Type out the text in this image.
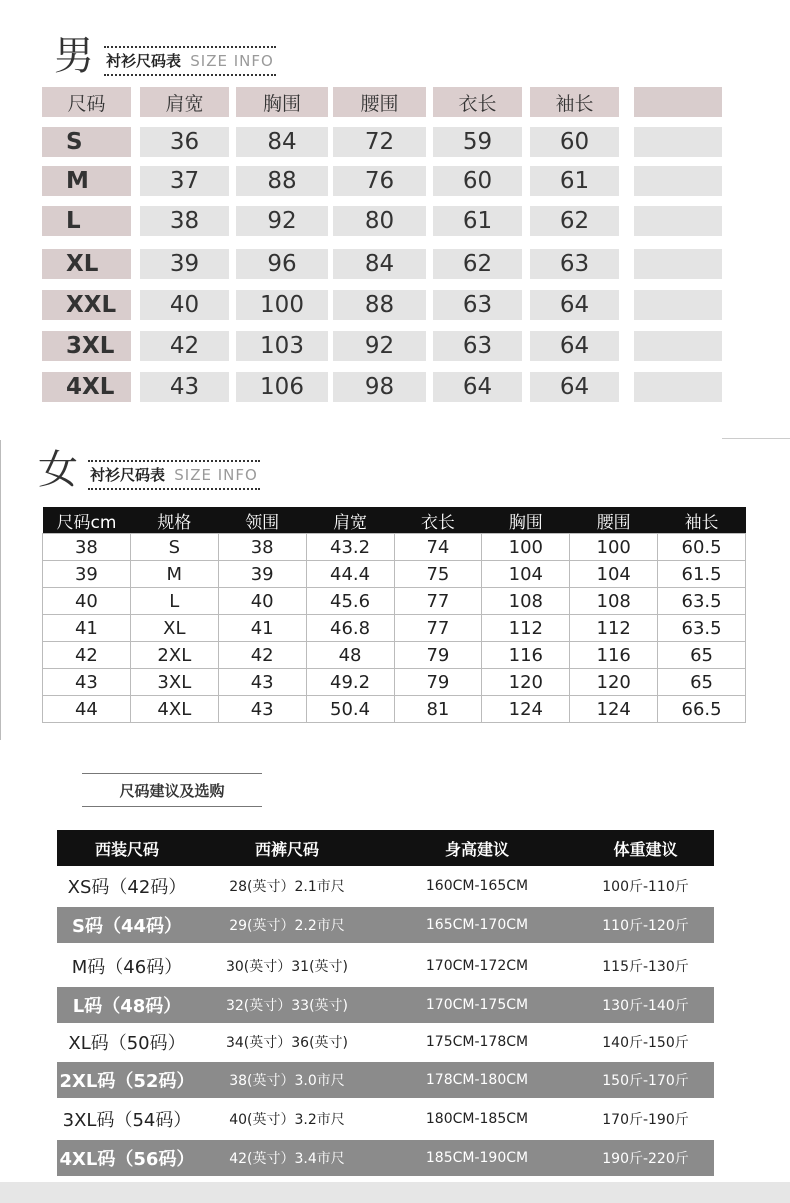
男 衬衫尺码表 SIZE INFO
尺码	肩宽	胸围	腰围	衣长	袖长
S	36	84	72	59	60
M	37	88	76	60	61
L	38	92	80	61	62
XL	39	96	84	62	63
XXL	40	100	88	63	64
3XL	42	103	92	63	64
4XL	43	106	98	64	64
女 衬衫尺码表 SIZE INFO
尺码cm	规格	领围	肩宽	衣长	胸围	腰围	袖长
38	S	38	43.2	74	100	100	60.5
39	M	39	44.4	75	104	104	61.5
40	L	40	45.6	77	108	108	63.5
41	XL	41	46.8	77	112	112	63.5
42	2XL	42	48	79	116	116	65
43	3XL	43	49.2	79	120	120	65
44	4XL	43	50.4	81	124	124	66.5
尺码建议及选购
西装尺码	西裤尺码	身高建议	体重建议
XS码（42码）	28(英寸）2.1市尺	160CM-165CM	100斤-110斤
S码（44码）	29(英寸）2.2市尺	165CM-170CM	110斤-120斤
M码（46码）	30(英寸）31(英寸)	170CM-172CM	115斤-130斤
L码（48码）	32(英寸）33(英寸)	170CM-175CM	130斤-140斤
XL码（50码）	34(英寸）36(英寸)	175CM-178CM	140斤-150斤
2XL码（52码）	38(英寸）3.0市尺	178CM-180CM	150斤-170斤
3XL码（54码）	40(英寸）3.2市尺	180CM-185CM	170斤-190斤
4XL码（56码）	42(英寸）3.4市尺	185CM-190CM	190斤-220斤
